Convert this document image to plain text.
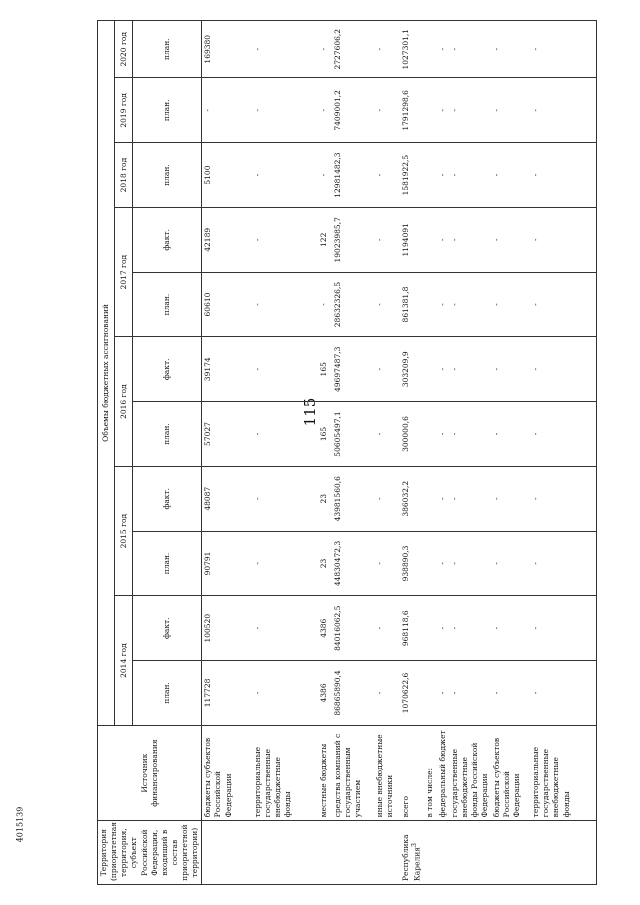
115
4015139
Территория (приоритетная территория, субъект Российской Федерации, входящий в состав приоритетной территории)	Источник финансирования	Объемы бюджетных ассигнований										
		2014 год		2015 год		2016 год		2017 год		2018 год	2019 год	2020 год
		план.	факт.	план.	факт.	план.	факт.	план.	факт.	план.	план.	план.
	бюджеты субъектов Российской Федерации	117728	100520	90791	48087	57027	39174	60610	42189	5100	-	169380
	территориальные государственные внебюджетные фонды	-	-	-	-	-	-	-	-	-	-	-
	местные бюджеты	4386	4386	23	23	165	165	-	122	-	-	-
	средства компаний с государственным участием	86865890,4	84016062,5	44830472,3	43981560,6	50605497,1	49697487,3	28632326,5	19023985,7	12981482,3	7409001,2	2727606,2
	иные внебюджетные источники	-	-	-	-	-	-	-	-	-	-	-
Республика Карелия$^3$	всего	1070622,6	968118,6	938890,3	386032,2	300000,6	303209,9	861381,8	1194091	1581922,5	1791298,6	1027301,1
	в том числе:											
	федеральный бюджет	-	-	-	-	-	-	-	-	-	-	-
	государственные внебюджетные фонды Российской Федерации	-	-	-	-	-	-	-	-	-	-	-
	бюджеты субъектов Российской Федерации	-	-	-	-	-	-	-	-	-	-	-
	территориальные государственные внебюджетные фонды	-	-	-	-	-	-	-	-	-	-	-
